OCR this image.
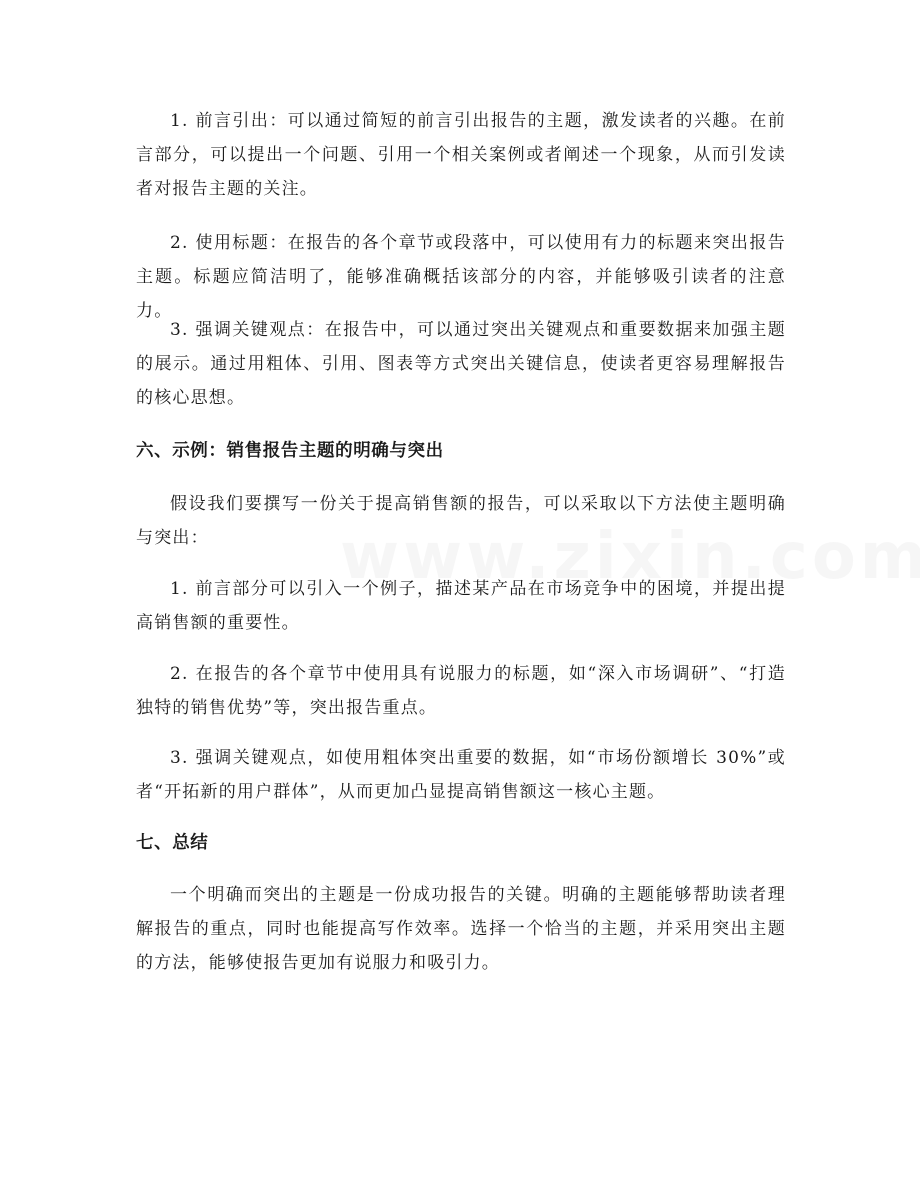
1. 前言引出：可以通过简短的前言引出报告的主题，激发读者的兴趣。在前言部分，可以提出一个问题、引用一个相关案例或者阐述一个现象，从而引发读者对报告主题的关注。

2. 使用标题：在报告的各个章节或段落中，可以使用有力的标题来突出报告主题。标题应简洁明了，能够准确概括该部分的内容，并能够吸引读者的注意力。

3. 强调关键观点：在报告中，可以通过突出关键观点和重要数据来加强主题的展示。通过用粗体、引用、图表等方式突出关键信息，使读者更容易理解报告的核心思想。

六、示例：销售报告主题的明确与突出

假设我们要撰写一份关于提高销售额的报告，可以采取以下方法使主题明确与突出：

1. 前言部分可以引入一个例子，描述某产品在市场竞争中的困境，并提出提高销售额的重要性。

2. 在报告的各个章节中使用具有说服力的标题，如“深入市场调研”、“打造独特的销售优势”等，突出报告重点。

3. 强调关键观点，如使用粗体突出重要的数据，如“市场份额增长 30%”或者“开拓新的用户群体”，从而更加凸显提高销售额这一核心主题。

七、总结

一个明确而突出的主题是一份成功报告的关键。明确的主题能够帮助读者理解报告的重点，同时也能提高写作效率。选择一个恰当的主题，并采用突出主题的方法，能够使报告更加有说服力和吸引力。
